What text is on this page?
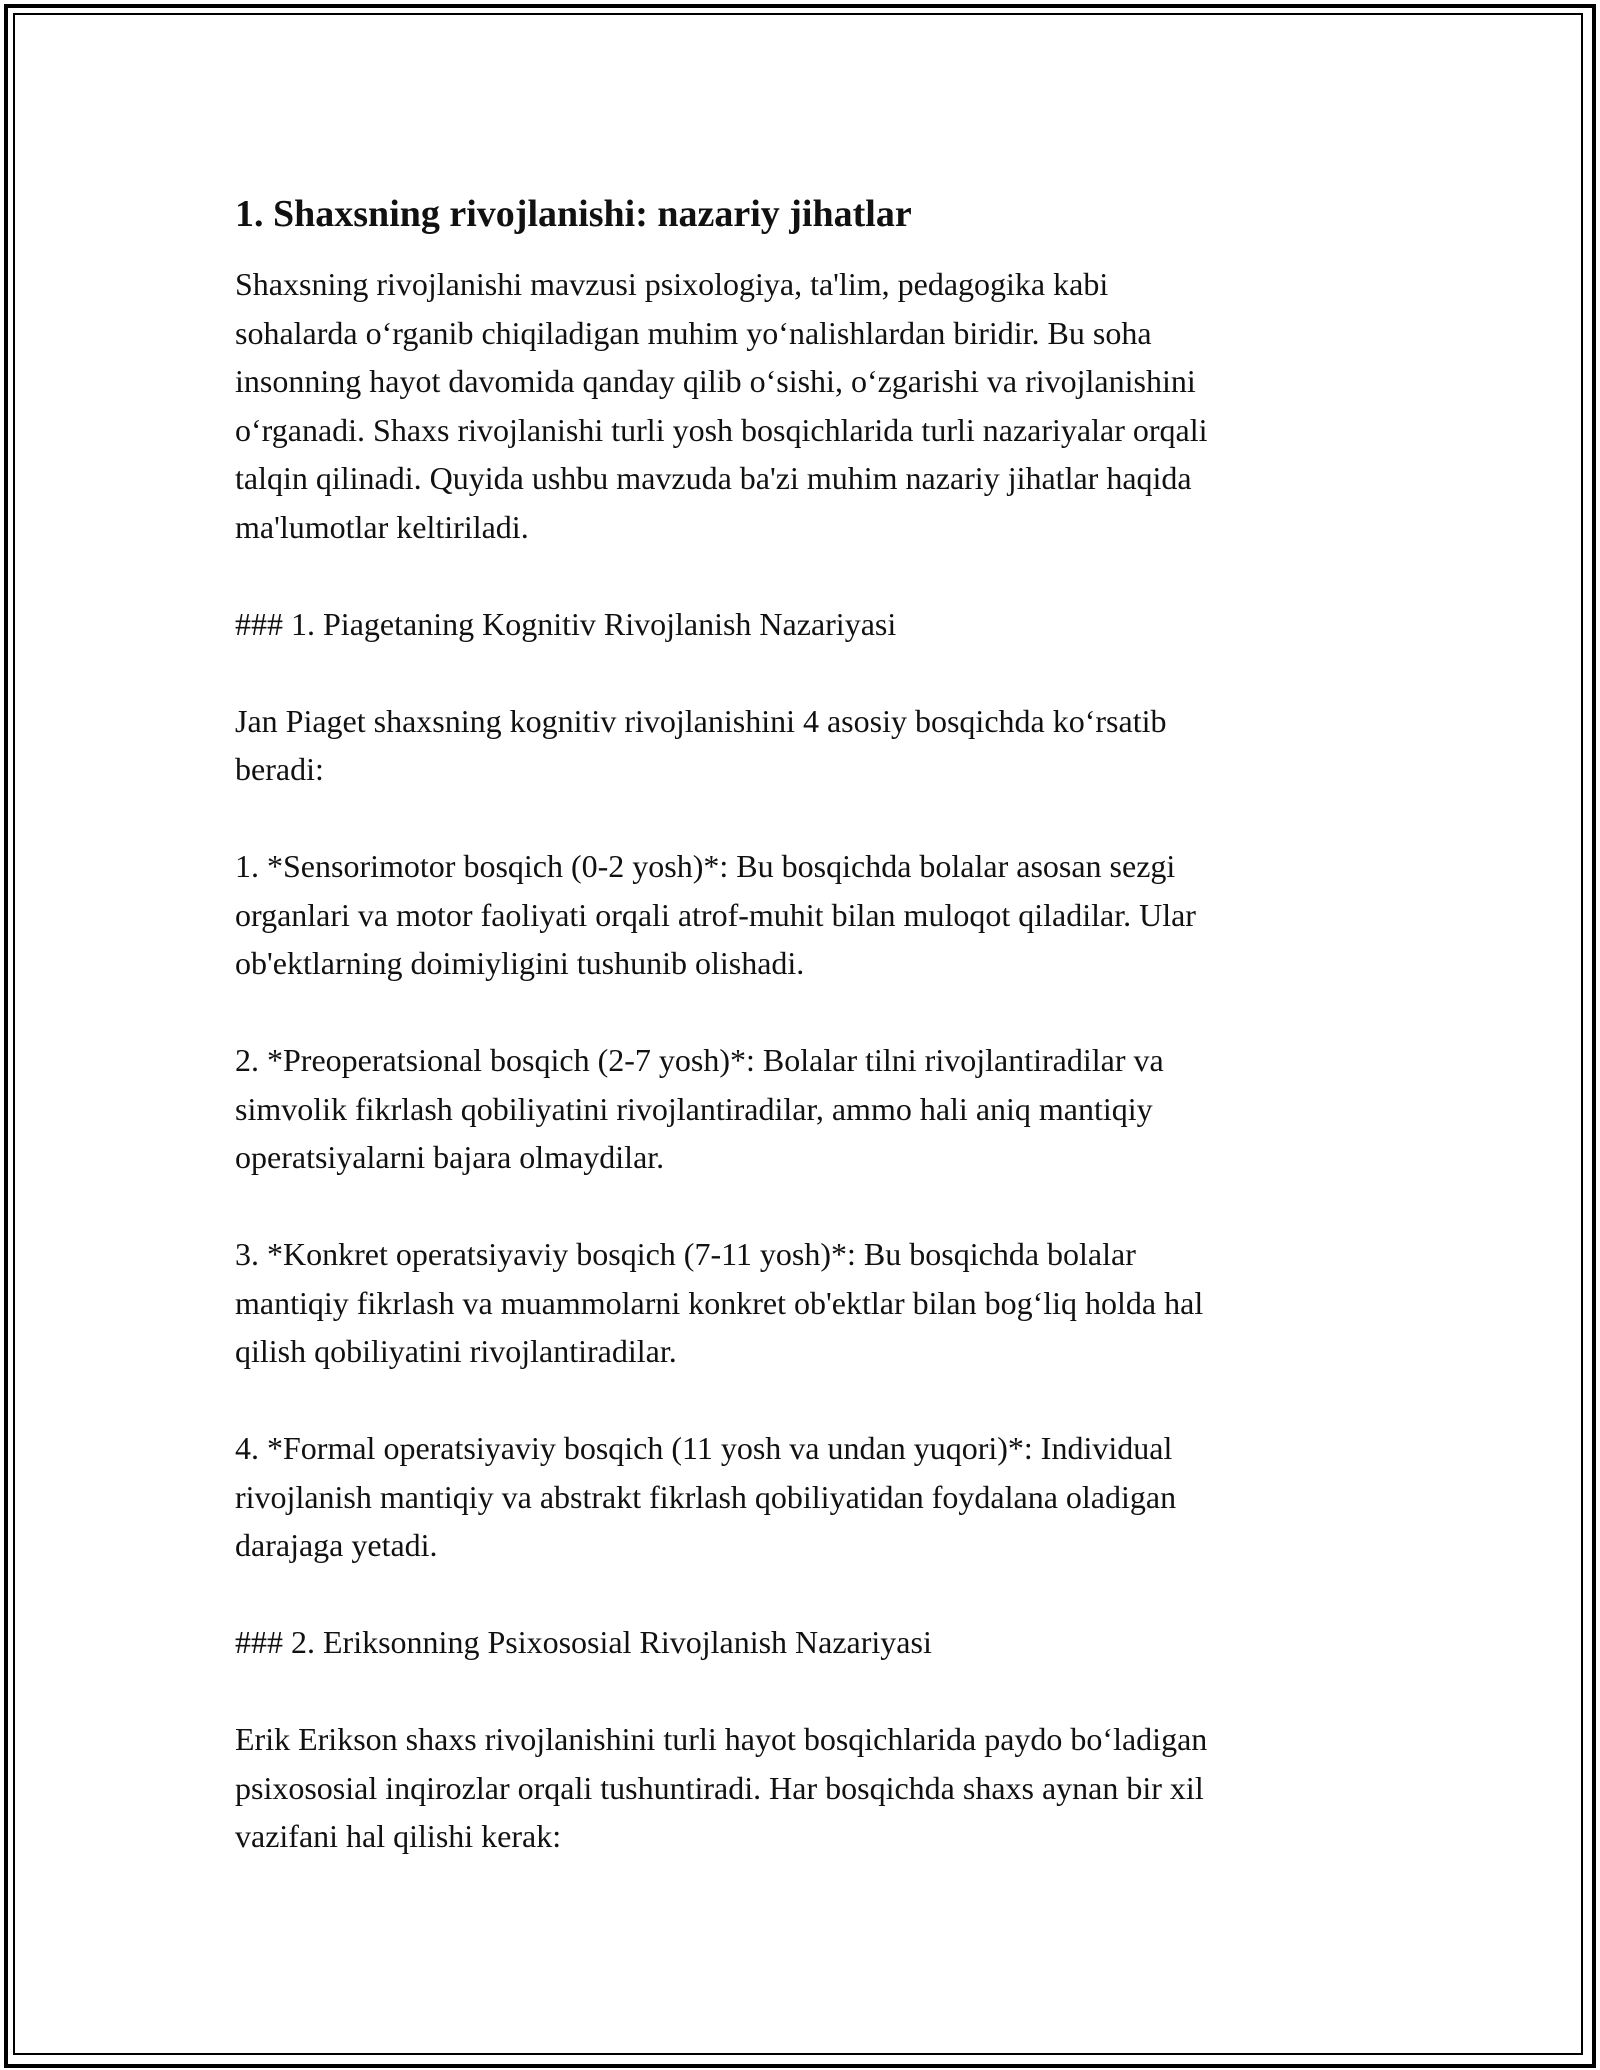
1. Shaxsning rivojlanishi: nazariy jihatlar
Shaxsning rivojlanishi mavzusi psixologiya, ta'lim, pedagogika kabi
sohalarda o‘rganib chiqiladigan muhim yo‘nalishlardan biridir. Bu soha
insonning hayot davomida qanday qilib o‘sishi, o‘zgarishi va rivojlanishini
o‘rganadi. Shaxs rivojlanishi turli yosh bosqichlarida turli nazariyalar orqali
talqin qilinadi. Quyida ushbu mavzuda ba'zi muhim nazariy jihatlar haqida
ma'lumotlar keltiriladi.
### 1. Piagetaning Kognitiv Rivojlanish Nazariyasi
Jan Piaget shaxsning kognitiv rivojlanishini 4 asosiy bosqichda ko‘rsatib
beradi:
1. *Sensorimotor bosqich (0-2 yosh)*: Bu bosqichda bolalar asosan sezgi
organlari va motor faoliyati orqali atrof-muhit bilan muloqot qiladilar. Ular
ob'ektlarning doimiyligini tushunib olishadi.
2. *Preoperatsional bosqich (2-7 yosh)*: Bolalar tilni rivojlantiradilar va
simvolik fikrlash qobiliyatini rivojlantiradilar, ammo hali aniq mantiqiy
operatsiyalarni bajara olmaydilar.
3. *Konkret operatsiyaviy bosqich (7-11 yosh)*: Bu bosqichda bolalar
mantiqiy fikrlash va muammolarni konkret ob'ektlar bilan bog‘liq holda hal
qilish qobiliyatini rivojlantiradilar.
4. *Formal operatsiyaviy bosqich (11 yosh va undan yuqori)*: Individual
rivojlanish mantiqiy va abstrakt fikrlash qobiliyatidan foydalana oladigan
darajaga yetadi.
### 2. Eriksonning Psixososial Rivojlanish Nazariyasi
Erik Erikson shaxs rivojlanishini turli hayot bosqichlarida paydo bo‘ladigan
psixososial inqirozlar orqali tushuntiradi. Har bosqichda shaxs aynan bir xil
vazifani hal qilishi kerak:
